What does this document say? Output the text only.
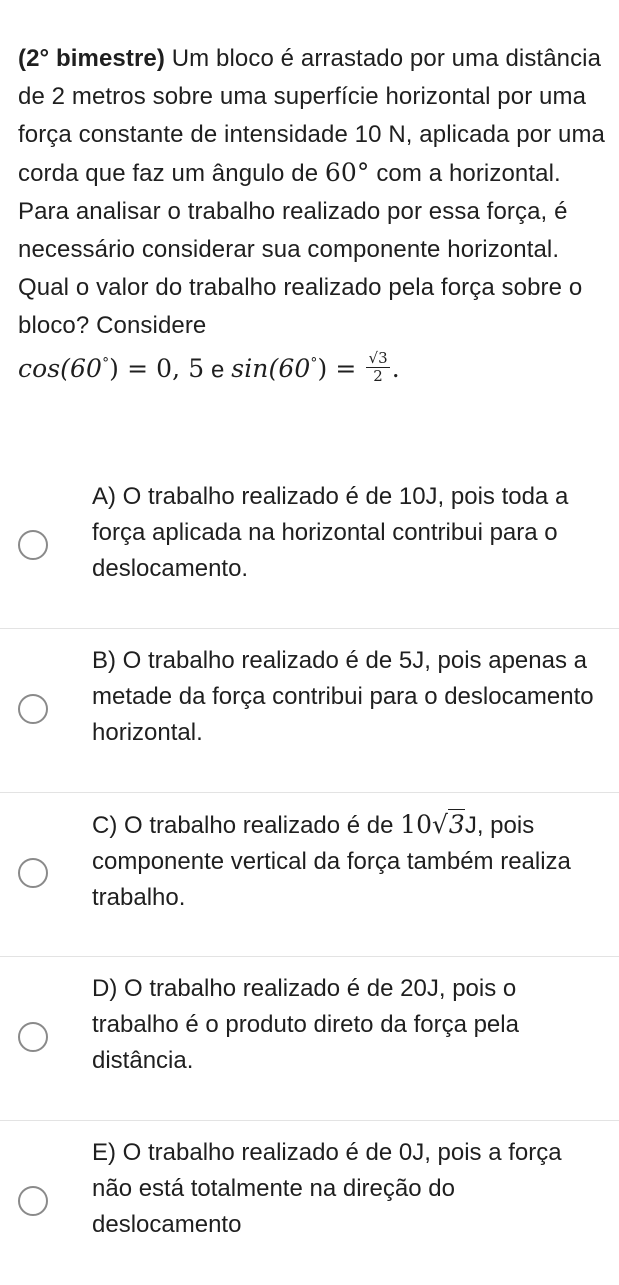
(2° bimestre) Um bloco é arrastado por uma distância de 2 metros sobre uma superfície horizontal por uma força constante de intensidade 10 N, aplicada por uma corda que faz um ângulo de 60° com a horizontal. Para analisar o trabalho realizado por essa força, é necessário considerar sua componente horizontal. Qual o valor do trabalho realizado pela força sobre o bloco? Considere
cos(60°) = 0, 5 e $\sin(60^\circ) = \frac{√3}{2}$ .
A) O trabalho realizado é de 10J, pois toda a força aplicada na horizontal contribui para o deslocamento.
B) O trabalho realizado é de 5J, pois apenas a metade da força contribui para o deslocamento horizontal.
C) O trabalho realizado é de 10√3J, pois componente vertical da força também realiza trabalho.
D) O trabalho realizado é de 20J, pois o trabalho é o produto direto da força pela distância.
E) O trabalho realizado é de 0J, pois a força não está totalmente na direção do deslocamento
